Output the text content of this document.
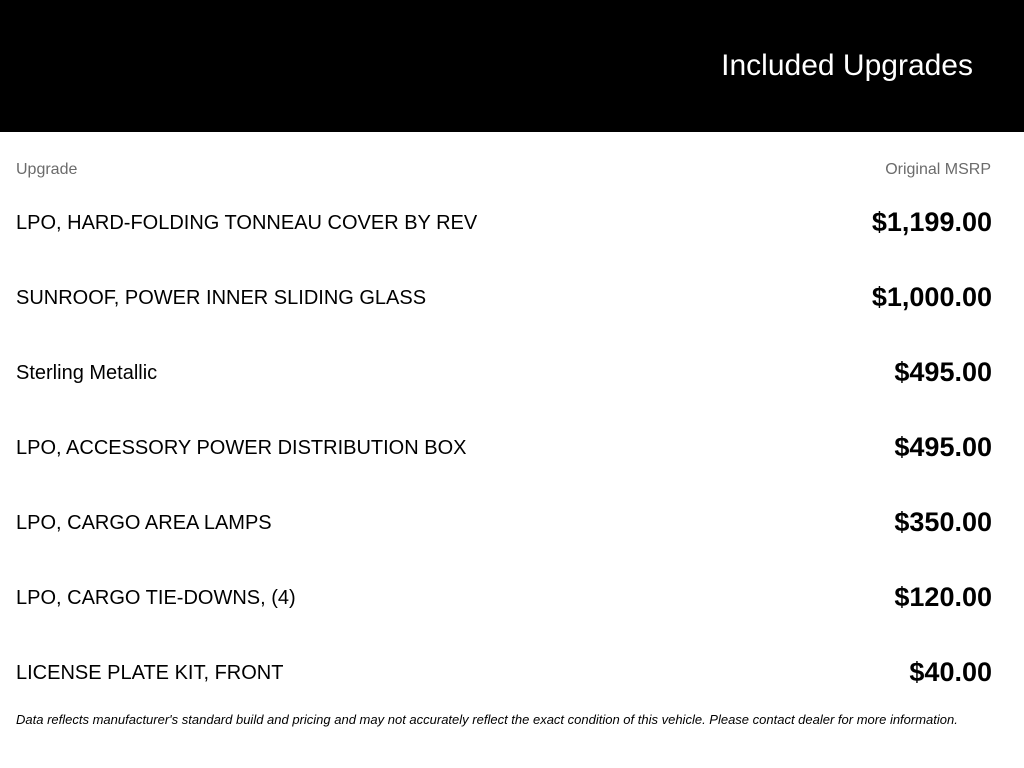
Included Upgrades
Upgrade	Original MSRP
LPO, HARD-FOLDING TONNEAU COVER BY REV	$1,199.00
SUNROOF, POWER INNER SLIDING GLASS	$1,000.00
Sterling Metallic	$495.00
LPO, ACCESSORY POWER DISTRIBUTION BOX	$495.00
LPO, CARGO AREA LAMPS	$350.00
LPO, CARGO TIE-DOWNS, (4)	$120.00
LICENSE PLATE KIT, FRONT	$40.00
Data reflects manufacturer's standard build and pricing and may not accurately reflect the exact condition of this vehicle. Please contact dealer for more information.
